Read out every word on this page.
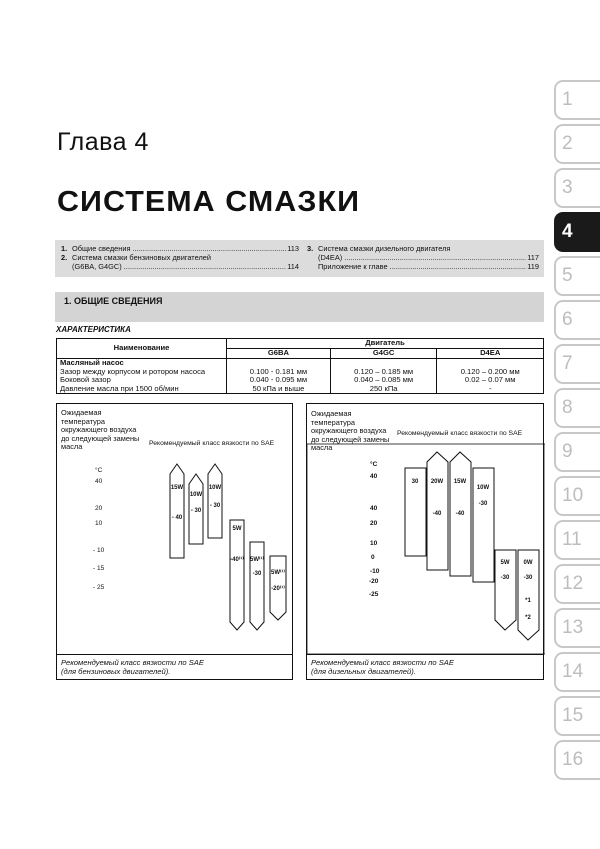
Глава 4
СИСТЕМА СМАЗКИ
1. Общие сведения .....	113
2. Система смазки бензиновых двигателей
(G6BA, G4GC) .....	114
3. Система смазки дизельного двигателя
(D4EA) .....	117
Приложение к главе .....	119
1. ОБЩИЕ СВЕДЕНИЯ
ХАРАКТЕРИСТИКА
Наименование	Двигатель		
	G6BA	G4GC	D4EA
Масляный насос			
Зазор между корпусом и ротором насоса	0.100 - 0.181 мм	0.120 – 0.185 мм	0.120 – 0.200 мм
Боковой зазор	0.040 - 0.095 мм	0.040 – 0.085 мм	0.02 – 0.07 мм
Давление масла при 1500 об/мин	50 кПа и выше	250 кПа	-
Ожидаемая температура окружающего воздуха до следующей замены масла	Рекомендуемый класс вязкости по SAE
°C
40
20
10
- 10
- 15
- 25
15W
- 40
10W
- 30
10W
- 30
5W
-40⁽¹⁾ 5W⁽¹⁾
-30 5W⁽¹⁾
-20⁽¹⁾
Рекомендуемый класс вязкости по SAE
(для бензиновых двигателей).
Ожидаемая температура окружающего воздуха до следующей замены масла
Рекомендуемый класс вязкости по SAE
°C
40
40
20
10
0
-10
-20
-25
30 20W
-40
15W
-40
10W
-30
5W
-30
0W
-30
*1
*2
Рекомендуемый класс вязкости по SAE
(для дизельных двигателей).
1
2
3
4
5
6
7
8
9
10
11
12
13
14
15
16
